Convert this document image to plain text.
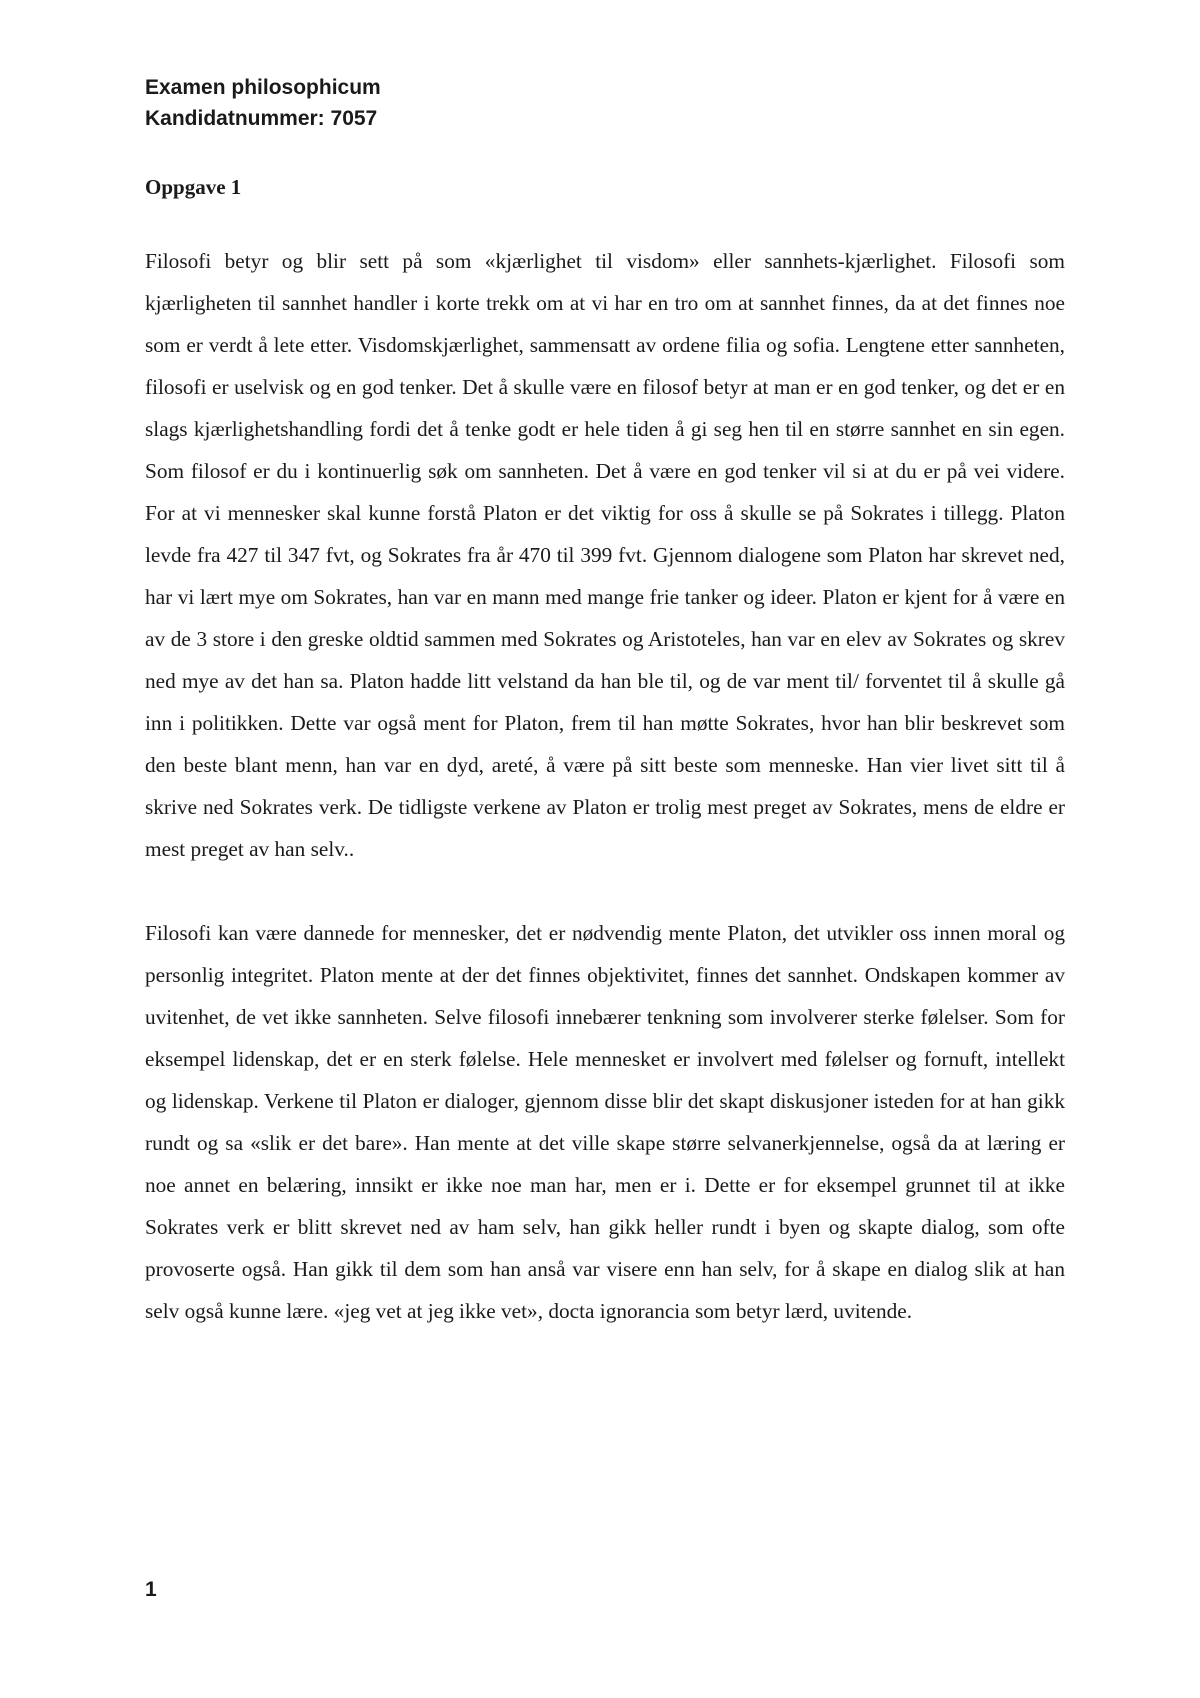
Examen philosophicum
Kandidatnummer: 7057
Oppgave 1

Filosofi betyr og blir sett på som «kjærlighet til visdom» eller sannhets-kjærlighet. Filosofi som kjærligheten til sannhet handler i korte trekk om at vi har en tro om at sannhet finnes, da at det finnes noe som er verdt å lete etter. Visdomskjærlighet, sammensatt av ordene filia og sofia. Lengtene etter sannheten, filosofi er uselvisk og en god tenker. Det å skulle være en filosof betyr at man er en god tenker, og det er en slags kjærlighetshandling fordi det å tenke godt er hele tiden å gi seg hen til en større sannhet en sin egen. Som filosof er du i kontinuerlig søk om sannheten. Det å være en god tenker vil si at du er på vei videre. For at vi mennesker skal kunne forstå Platon er det viktig for oss å skulle se på Sokrates i tillegg. Platon levde fra 427 til 347 fvt, og Sokrates fra år 470 til 399 fvt. Gjennom dialogene som Platon har skrevet ned, har vi lært mye om Sokrates, han var en mann med mange frie tanker og ideer. Platon er kjent for å være en av de 3 store i den greske oldtid sammen med Sokrates og Aristoteles, han var en elev av Sokrates og skrev ned mye av det han sa. Platon hadde litt velstand da han ble til, og de var ment til/ forventet til å skulle gå inn i politikken. Dette var også ment for Platon, frem til han møtte Sokrates, hvor han blir beskrevet som den beste blant menn, han var en dyd, areté, å være på sitt beste som menneske. Han vier livet sitt til å skrive ned Sokrates verk. De tidligste verkene av Platon er trolig mest preget av Sokrates, mens de eldre er mest preget av han selv..

Filosofi kan være dannede for mennesker, det er nødvendig mente Platon, det utvikler oss innen moral og personlig integritet. Platon mente at der det finnes objektivitet, finnes det sannhet. Ondskapen kommer av uvitenhet, de vet ikke sannheten. Selve filosofi innebærer tenkning som involverer sterke følelser. Som for eksempel lidenskap, det er en sterk følelse. Hele mennesket er involvert med følelser og fornuft, intellekt og lidenskap. Verkene til Platon er dialoger, gjennom disse blir det skapt diskusjoner isteden for at han gikk rundt og sa «slik er det bare». Han mente at det ville skape større selvanerkjennelse, også da at læring er noe annet en belæring, innsikt er ikke noe man har, men er i. Dette er for eksempel grunnet til at ikke Sokrates verk er blitt skrevet ned av ham selv, han gikk heller rundt i byen og skapte dialog, som ofte provoserte også. Han gikk til dem som han anså var visere enn han selv, for å skape en dialog slik at han selv også kunne lære. «jeg vet at jeg ikke vet», docta ignorancia som betyr lærd, uvitende.

1
